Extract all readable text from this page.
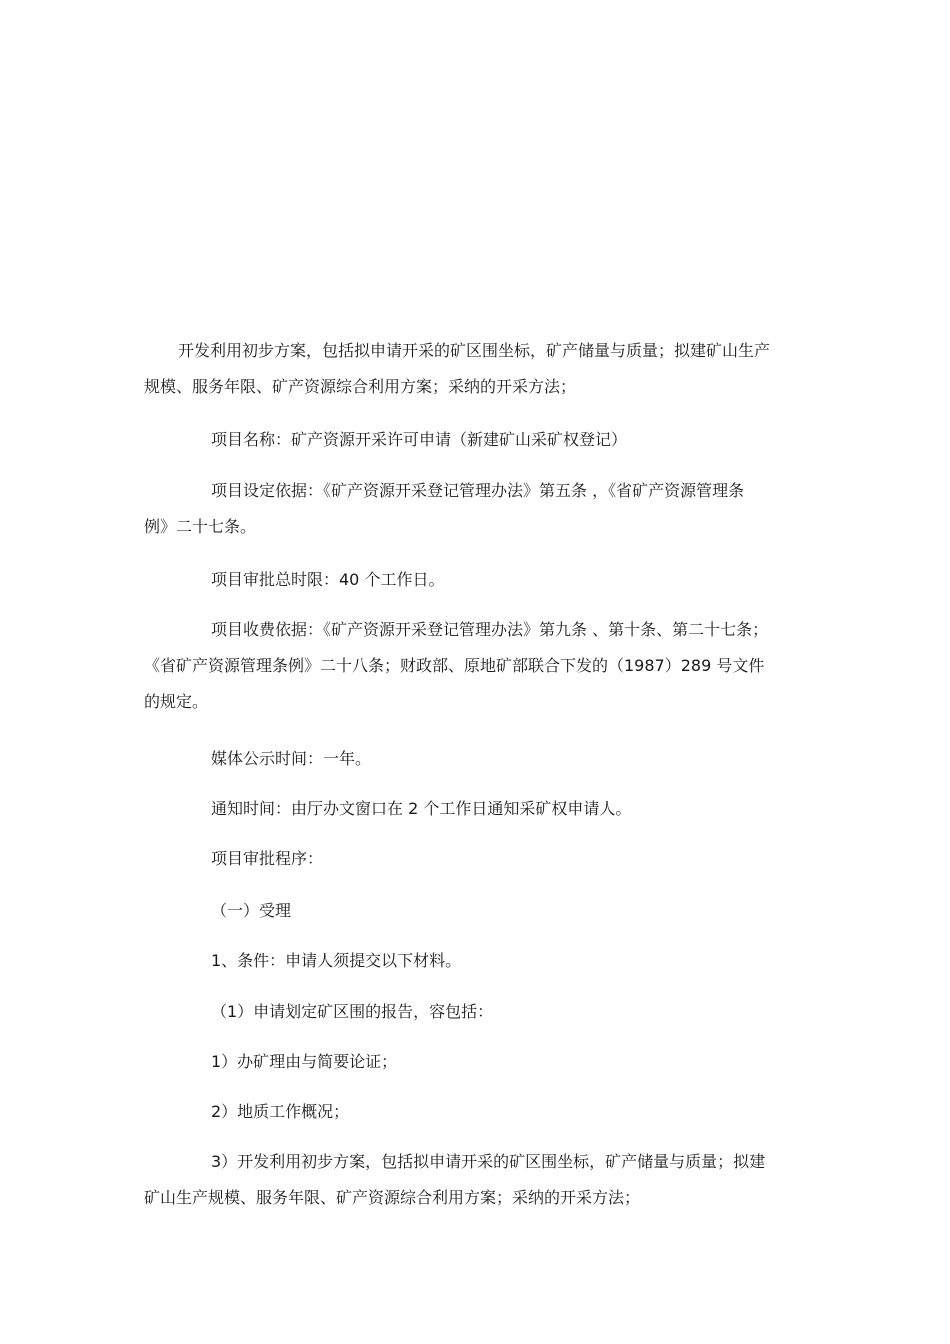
开发利用初步方案，包括拟申请开采的矿区围坐标，矿产储量与质量；拟建矿山生产
规模、服务年限、矿产资源综合利用方案；采纳的开采方法；

项目名称：矿产资源开采许可申请（新建矿山采矿权登记）

项目设定依据：《矿产资源开采登记管理办法》第五条 ，《省矿产资源管理条
例》二十七条。

项目审批总时限：40 个工作日。

项目收费依据：《矿产资源开采登记管理办法》第九条 、第十条、第二十七条；
《省矿产资源管理条例》二十八条；财政部、原地矿部联合下发的（1987）289 号文件
的规定。

媒体公示时间：一年。

通知时间：由厅办文窗口在 2 个工作日通知采矿权申请人。

项目审批程序：

（一）受理

1、条件：申请人须提交以下材料。

（1）申请划定矿区围的报告，容包括：

1）办矿理由与简要论证；

2）地质工作概况；

3）开发利用初步方案，包括拟申请开采的矿区围坐标，矿产储量与质量；拟建
矿山生产规模、服务年限、矿产资源综合利用方案；采纳的开采方法；
